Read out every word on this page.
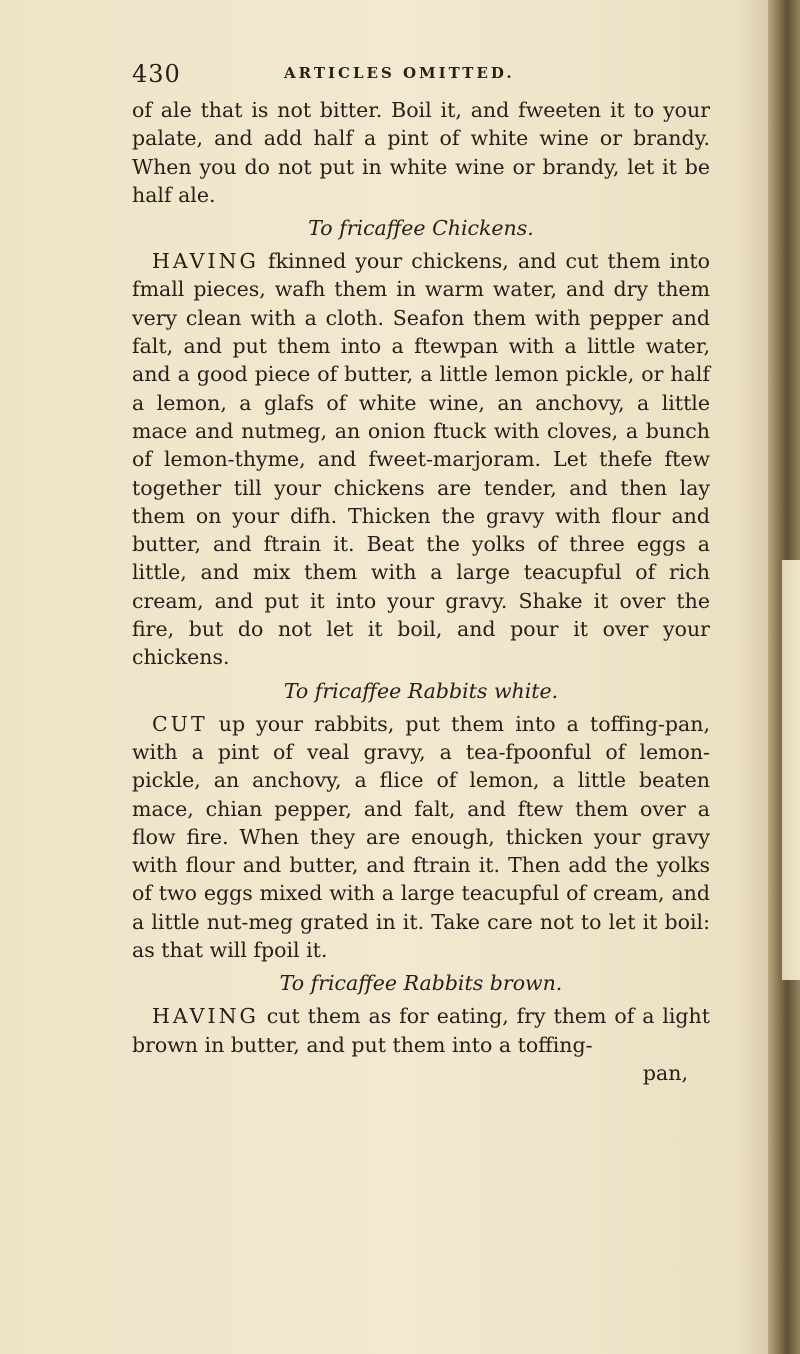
430	ARTICLES OMITTED.

of ale that is not bitter. Boil it, and fweeten it to your palate, and add half a pint of white wine or brandy. When you do not put in white wine or brandy, let it be half ale.

To fricaffee Chickens.

HAVING fkinned your chickens, and cut them into fmall pieces, wafh them in warm water, and dry them very clean with a cloth. Seafon them with pepper and falt, and put them into a ftewpan with a little water, and a good piece of butter, a little lemon pickle, or half a lemon, a glafs of white wine, an anchovy, a little mace and nutmeg, an onion ftuck with cloves, a bunch of lemon-thyme, and fweet-marjoram. Let thefe ftew together till your chickens are tender, and then lay them on your difh. Thicken the gravy with flour and butter, and ftrain it. Beat the yolks of three eggs a little, and mix them with a large teacupful of rich cream, and put it into your gravy. Shake it over the fire, but do not let it boil, and pour it over your chickens.

To fricaffee Rabbits white.

CUT up your rabbits, put them into a toffing-pan, with a pint of veal gravy, a tea-fpoonful of lemon-pickle, an anchovy, a flice of lemon, a little beaten mace, chian pepper, and falt, and ftew them over a flow fire. When they are enough, thicken your gravy with flour and butter, and ftrain it. Then add the yolks of two eggs mixed with a large teacupful of cream, and a little nut-meg grated in it. Take care not to let it boil: as that will fpoil it.

To fricaffee Rabbits brown.

HAVING cut them as for eating, fry them of a light brown in butter, and put them into a toffing-

pan,
